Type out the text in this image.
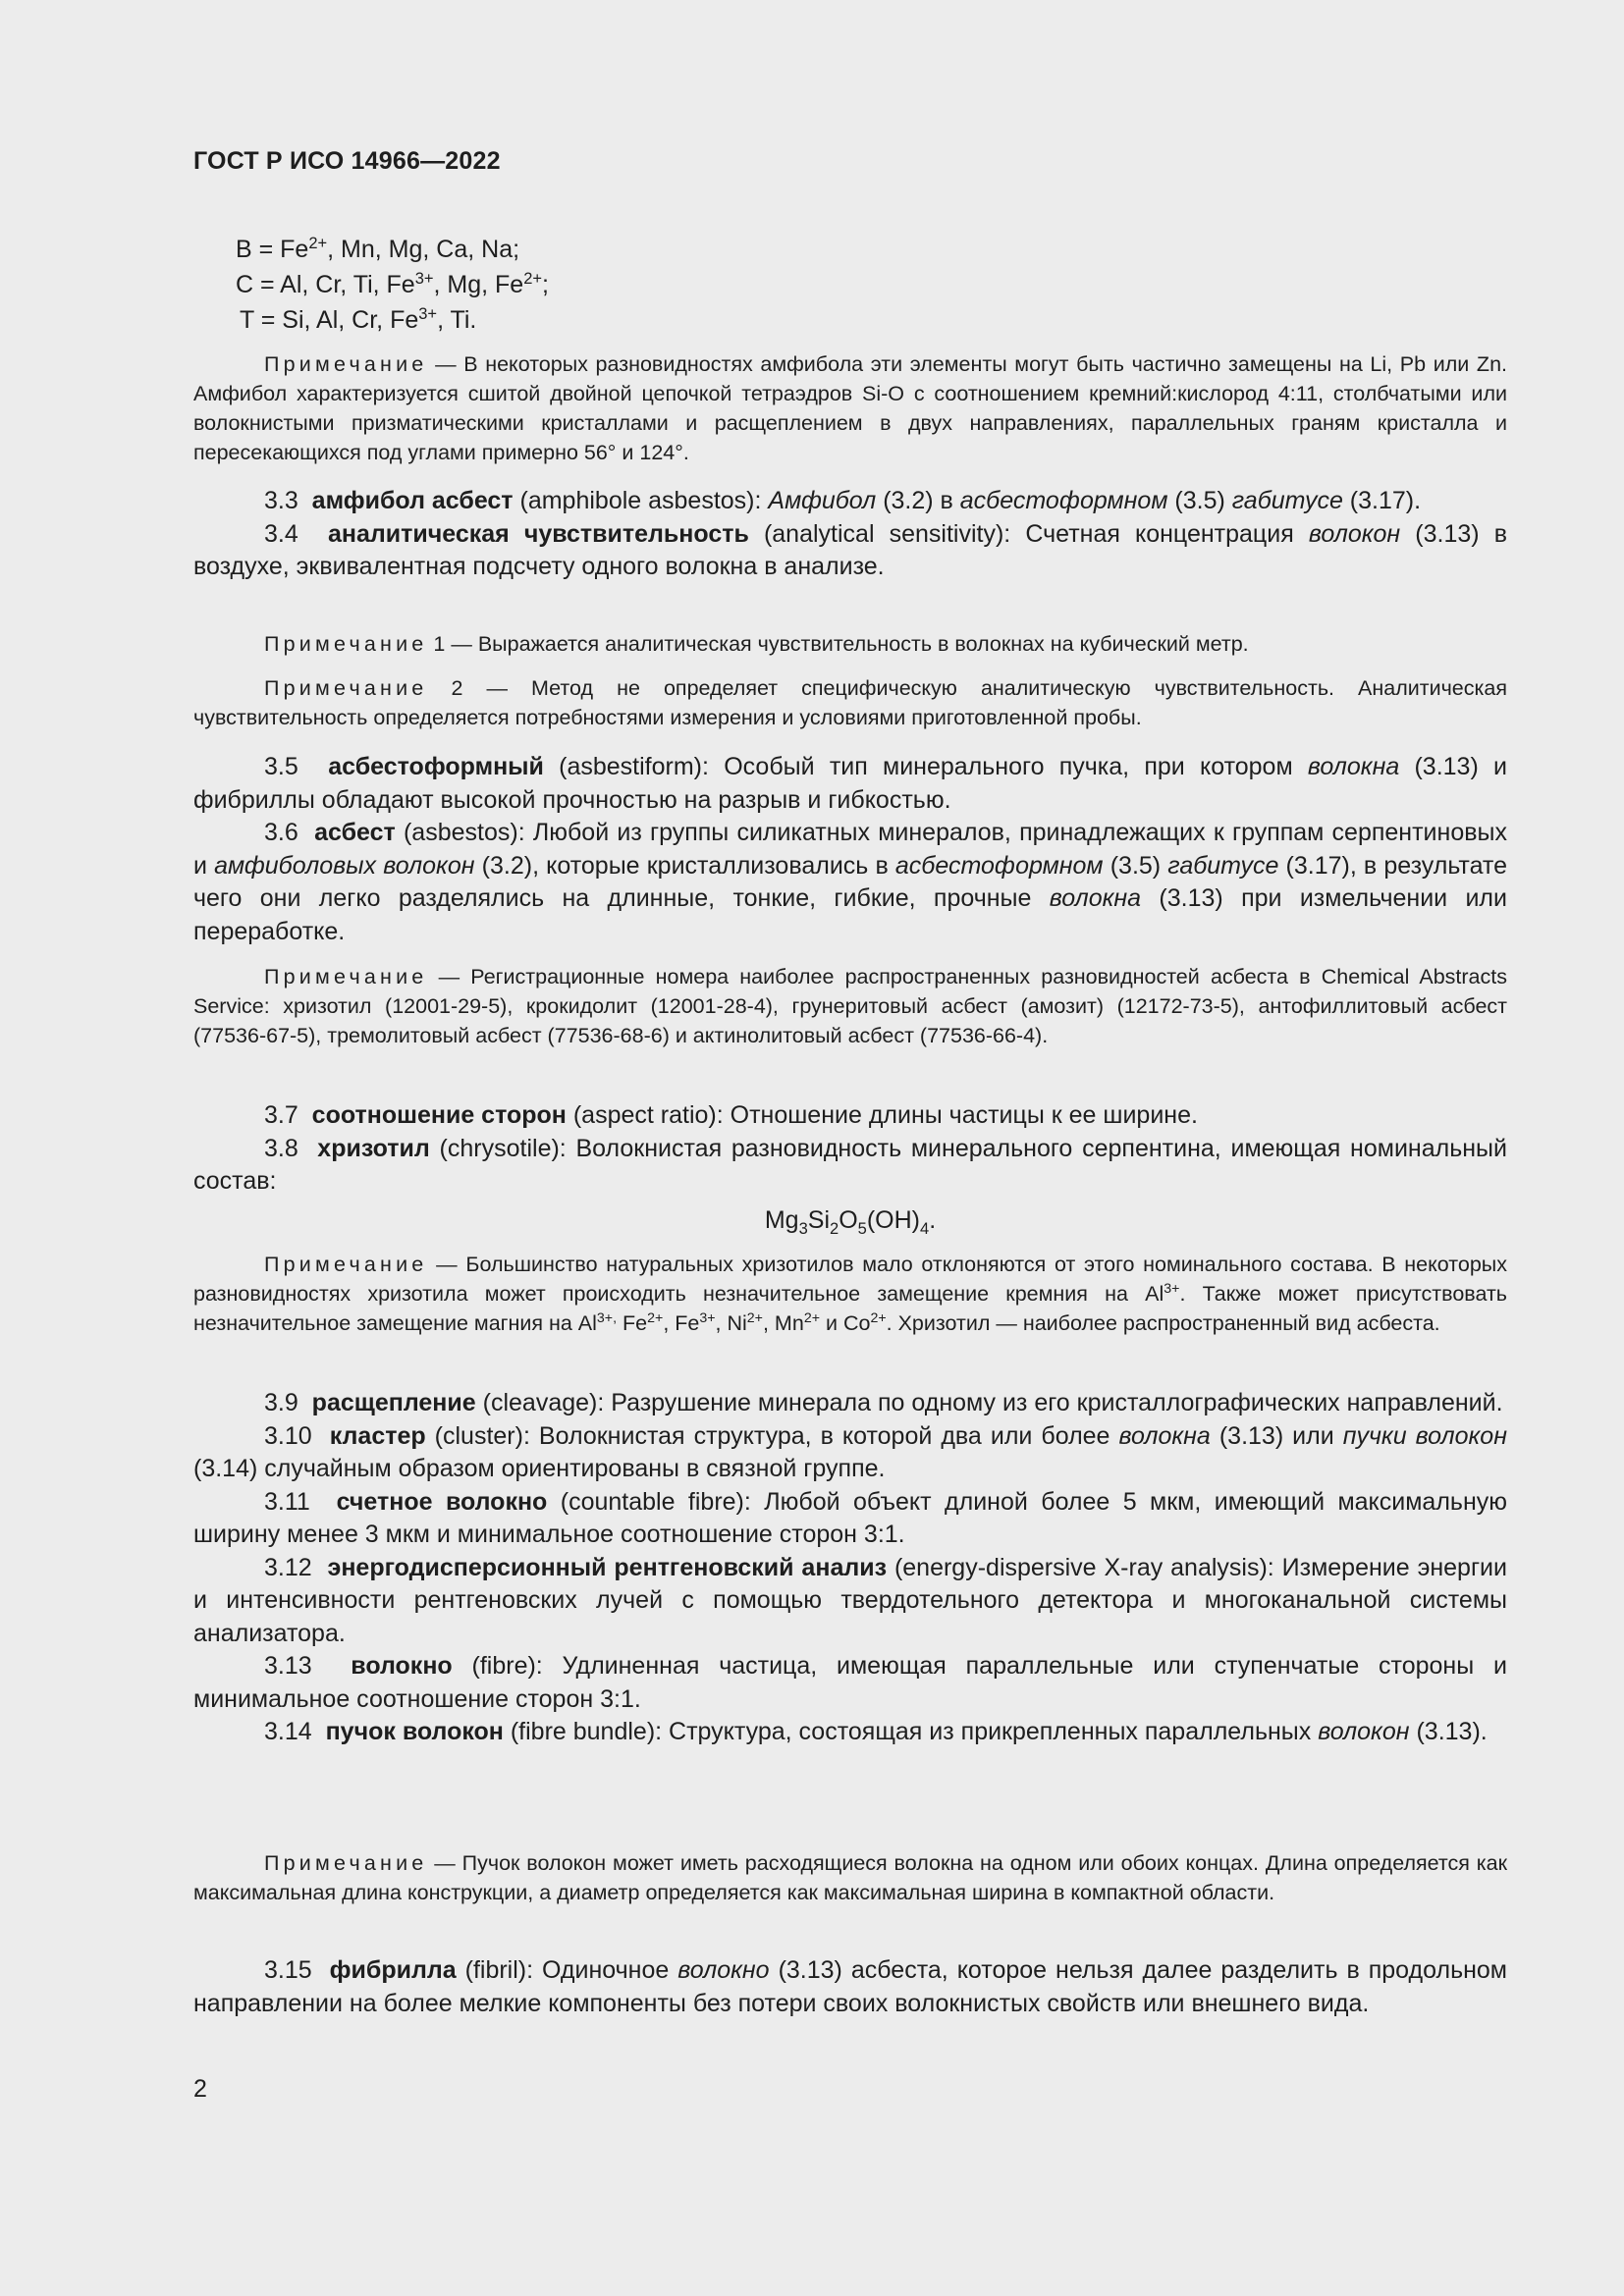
ГОСТ Р ИСО 14966—2022
$B = Fe^{2+}$, Mn, Mg, Ca, Na;
C = Al, Cr, Ti, $Fe^{3+}$, Mg, $Fe^{2+}$;
T = Si, Al, Cr, $Fe^{3+}$, Ti.

Примечание — В некоторых разновидностях амфибола эти элементы могут быть частично замещены на Li, Pb или Zn. Амфибол характеризуется сшитой двойной цепочкой тетраэдров Si-O с соотношением кремний:кислород 4:11, столбчатыми или волокнистыми призматическими кристаллами и расщеплением в двух направлениях, параллельных граням кристалла и пересекающихся под углами примерно 56° и 124°.

3.3 амфибол асбест (amphibole asbestos): Амфибол (3.2) в асбестоформном (3.5) габитусе (3.17).

3.4 аналитическая чувствительность (analytical sensitivity): Счетная концентрация волокон (3.13) в воздухе, эквивалентная подсчету одного волокна в анализе.

Примечание 1 — Выражается аналитическая чувствительность в волокнах на кубический метр.

Примечание 2 — Метод не определяет специфическую аналитическую чувствительность. Аналитическая чувствительность определяется потребностями измерения и условиями приготовленной пробы.

3.5 асбестоформный (asbestiform): Особый тип минерального пучка, при котором волокна (3.13) и фибриллы обладают высокой прочностью на разрыв и гибкостью.

3.6 асбест (asbestos): Любой из группы силикатных минералов, принадлежащих к группам серпентиновых и амфиболовых волокон (3.2), которые кристаллизовались в асбестоформном (3.5) габитусе (3.17), в результате чего они легко разделялись на длинные, тонкие, гибкие, прочные волокна (3.13) при измельчении или переработке.

Примечание — Регистрационные номера наиболее распространенных разновидностей асбеста в Chemical Abstracts Service: хризотил (12001-29-5), крокидолит (12001-28-4), грунеритовый асбест (амозит) (12172-73-5), антофиллитовый асбест (77536-67-5), тремолитовый асбест (77536-68-6) и актинолитовый асбест (77536-66-4).

3.7 соотношение сторон (aspect ratio): Отношение длины частицы к ее ширине.

3.8 хризотил (chrysotile): Волокнистая разновидность минерального серпентина, имеющая номинальный состав:

$Mg_3Si_2O_5(OH)_4$.

Примечание — Большинство натуральных хризотилов мало отклоняются от этого номинального состава. В некоторых разновидностях хризотила может происходить незначительное замещение кремния на $Al^{3+}$. Также может присутствовать незначительное замещение магния на $Al^{3+,}$ $Fe^{2+}$, $Fe^{3+}$, $Ni^{2+}$, $Mn^{2+}$ и $Co^{2+}$. Хризотил — наиболее распространенный вид асбеста.

3.9 расщепление (cleavage): Разрушение минерала по одному из его кристаллографических направлений.

3.10 кластер (cluster): Волокнистая структура, в которой два или более волокна (3.13) или пучки волокон (3.14) случайным образом ориентированы в связной группе.

3.11 счетное волокно (countable fibre): Любой объект длиной более 5 мкм, имеющий максимальную ширину менее 3 мкм и минимальное соотношение сторон 3:1.

3.12 энергодисперсионный рентгеновский анализ (energy-dispersive X-ray analysis): Измерение энергии и интенсивности рентгеновских лучей с помощью твердотельного детектора и многоканальной системы анализатора.

3.13 волокно (fibre): Удлиненная частица, имеющая параллельные или ступенчатые стороны и минимальное соотношение сторон 3:1.

3.14 пучок волокон (fibre bundle): Структура, состоящая из прикрепленных параллельных волокон (3.13).

Примечание — Пучок волокон может иметь расходящиеся волокна на одном или обоих концах. Длина определяется как максимальная длина конструкции, а диаметр определяется как максимальная ширина в компактной области.

3.15 фибрилла (fibril): Одиночное волокно (3.13) асбеста, которое нельзя далее разделить в продольном направлении на более мелкие компоненты без потери своих волокнистых свойств или внешнего вида.

2
